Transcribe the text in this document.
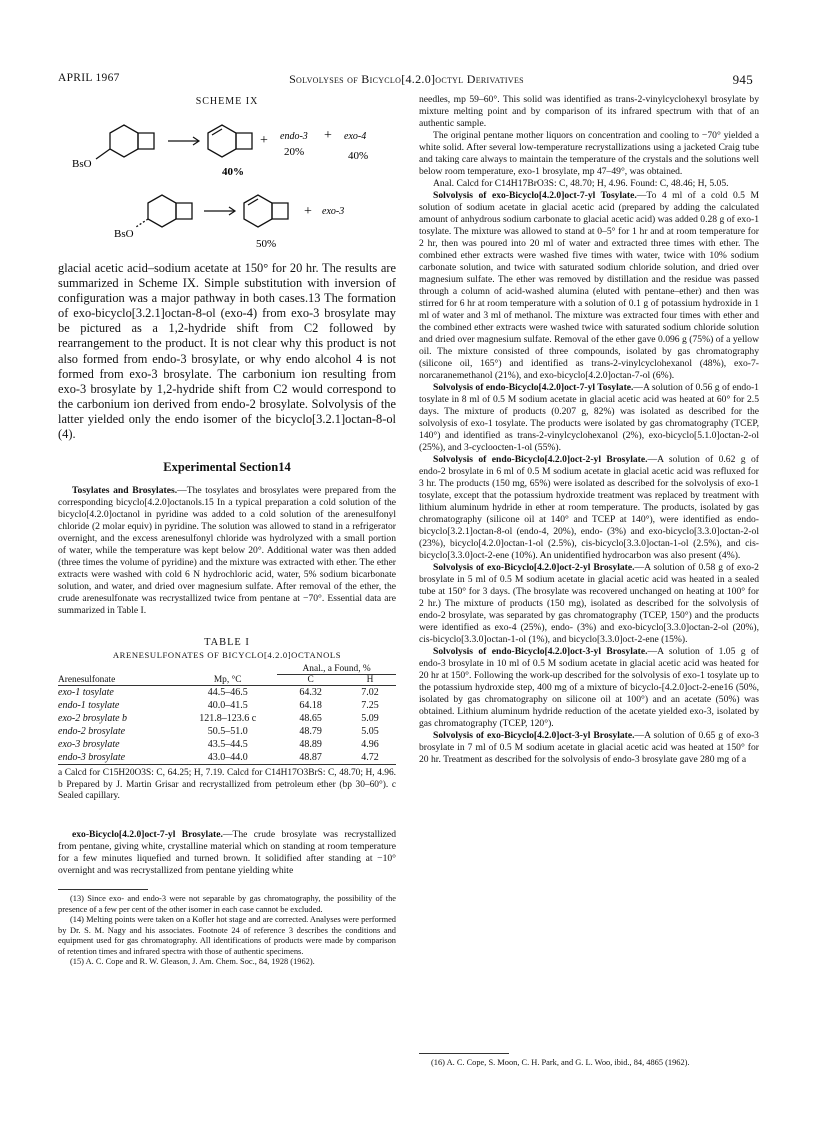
APRIL 1967	Solvolyses of Bicyclo[4.2.0]octyl Derivatives	945
SCHEME IX
BsO
40%
+ endo-3
20%
+ exo-4
40%
BsO
50%
+ exo-3

glacial acetic acid–sodium acetate at 150° for 20 hr. The results are summarized in Scheme IX. Simple substitution with inversion of configuration was a major pathway in both cases.13 The formation of exo-bicyclo[3.2.1]octan-8-ol (exo-4) from exo-3 brosylate may be pictured as a 1,2-hydride shift from C2 followed by rearrangement to the product. It is not clear why this product is not also formed from endo-3 brosylate, or why endo alcohol 4 is not formed from exo-3 brosylate. The carbonium ion resulting from exo-3 brosylate by 1,2-hydride shift from C2 would correspond to the carbonium ion derived from endo-2 brosylate. Solvolysis of the latter yielded only the endo isomer of the bicyclo[3.2.1]octan-8-ol (4).

Experimental Section14

Tosylates and Brosylates.—The tosylates and brosylates were prepared from the corresponding bicyclo[4.2.0]octanols.15 In a typical preparation a cold solution of the bicyclo[4.2.0]octanol in pyridine was added to a cold solution of the arenesulfonyl chloride (2 molar equiv) in pyridine. The solution was allowed to stand in a refrigerator overnight, and the excess arenesulfonyl chloride was hydrolyzed with a small portion of water, while the temperature was kept below 20°. Additional water was then added (three times the volume of pyridine) and the mixture was extracted with ether. The ether extracts were washed with cold 6 N hydrochloric acid, water, 5% sodium bicarbonate solution, and water, and dried over magnesium sulfate. After removal of the ether, the crude arenesulfonate was recrystallized twice from pentane at −70°. Essential data are summarized in Table I.

TABLE I
ARENESULFONATES OF BICYCLO[4.2.0]OCTANOLS
		Anal., a Found, %	
Arenesulfonate	Mp, °C	C	H
exo-1 tosylate	44.5–46.5	64.32	7.02
endo-1 tosylate	40.0–41.5	64.18	7.25
exo-2 brosylate b	121.8–123.6 c	48.65	5.09
endo-2 brosylate	50.5–51.0	48.79	5.05
exo-3 brosylate	43.5–44.5	48.89	4.96
endo-3 brosylate	43.0–44.0	48.87	4.72

a Calcd for C15H20O3S: C, 64.25; H, 7.19. Calcd for C14H17O3BrS: C, 48.70; H, 4.96. b Prepared by J. Martin Grisar and recrystallized from petroleum ether (bp 30–60°). c Sealed capillary.

exo-Bicyclo[4.2.0]oct-7-yl Brosylate.—The crude brosylate was recrystallized from pentane, giving white, crystalline material which on standing at room temperature for a few minutes liquefied and turned brown. It solidified after standing at −10° overnight and was recrystallized from pentane yielding white

(13) Since exo- and endo-3 were not separable by gas chromatography, the possibility of the presence of a few per cent of the other isomer in each case cannot be excluded.

(14) Melting points were taken on a Kofler hot stage and are corrected. Analyses were performed by Dr. S. M. Nagy and his associates. Footnote 24 of reference 3 describes the conditions and equipment used for gas chromatography. All identifications of products were made by comparison of retention times and infrared spectra with those of authentic specimens.

(15) A. C. Cope and R. W. Gleason, J. Am. Chem. Soc., 84, 1928 (1962).

needles, mp 59–60°. This solid was identified as trans-2-vinylcyclohexyl brosylate by mixture melting point and by comparison of its infrared spectrum with that of an authentic sample.

The original pentane mother liquors on concentration and cooling to −70° yielded a white solid. After several low-temperature recrystallizations using a jacketed Craig tube and taking care always to maintain the temperature of the crystals and the solutions well below room temperature, exo-1 brosylate, mp 47–49°, was obtained.

Anal. Calcd for C14H17BrO3S: C, 48.70; H, 4.96. Found: C, 48.46; H, 5.05.

Solvolysis of exo-Bicyclo[4.2.0]oct-7-yl Tosylate.—To 4 ml of a cold 0.5 M solution of sodium acetate in glacial acetic acid (prepared by adding the calculated amount of anhydrous sodium carbonate to glacial acetic acid) was added 0.28 g of exo-1 tosylate. The mixture was allowed to stand at 0–5° for 1 hr and at room temperature for 2 hr, then was poured into 20 ml of water and extracted three times with ether. The combined ether extracts were washed five times with water, twice with 10% sodium carbonate solution, and twice with saturated sodium chloride solution, and dried over magnesium sulfate. The ether was removed by distillation and the residue was passed through a column of acid-washed alumina (eluted with pentane–ether) and then was stirred for 6 hr at room temperature with a solution of 0.1 g of potassium hydroxide in 1 ml of water and 3 ml of methanol. The mixture was extracted four times with ether and the combined ether extracts were washed twice with saturated sodium chloride solution and dried over magnesium sulfate. Removal of the ether gave 0.096 g (75%) of a yellow oil. The mixture consisted of three compounds, isolated by gas chromatography (silicone oil, 165°) and identified as trans-2-vinylcyclohexanol (48%), exo-7-norcaranemethanol (21%), and exo-bicyclo[4.2.0]octan-7-ol (6%).

Solvolysis of endo-Bicyclo[4.2.0]oct-7-yl Tosylate.—A solution of 0.56 g of endo-1 tosylate in 8 ml of 0.5 M sodium acetate in glacial acetic acid was heated at 60° for 2.5 days. The mixture of products (0.207 g, 82%) was isolated as described for the solvolysis of exo-1 tosylate. The products were isolated by gas chromatography (TCEP, 140°) and identified as trans-2-vinylcyclohexanol (2%), exo-bicyclo[5.1.0]octan-2-ol (25%), and 3-cycloocten-1-ol (55%).

Solvolysis of endo-Bicyclo[4.2.0]oct-2-yl Brosylate.—A solution of 0.62 g of endo-2 brosylate in 6 ml of 0.5 M sodium acetate in glacial acetic acid was refluxed for 3 hr. The products (150 mg, 65%) were isolated as described for the solvolysis of exo-1 tosylate, except that the potassium hydroxide treatment was replaced by treatment with lithium aluminum hydride in ether at room temperature. The products, isolated by gas chromatography (silicone oil at 140° and TCEP at 140°), were identified as endo-bicyclo[3.2.1]octan-8-ol (endo-4, 20%), endo- (3%) and exo-bicyclo[3.3.0]octan-2-ol (23%), bicyclo[4.2.0]octan-1-ol (2.5%), cis-bicyclo[3.3.0]octan-1-ol (2.5%), and cis-bicyclo[3.3.0]oct-2-ene (10%). An unidentified hydrocarbon was also present (4%).

Solvolysis of exo-Bicyclo[4.2.0]oct-2-yl Brosylate.—A solution of 0.58 g of exo-2 brosylate in 5 ml of 0.5 M sodium acetate in glacial acetic acid was heated in a sealed tube at 150° for 3 days. (The brosylate was recovered unchanged on heating at 100° for 2 hr.) The mixture of products (150 mg), isolated as described for the solvolysis of endo-2 brosylate, was separated by gas chromatography (TCEP, 150°) and the products were identified as exo-4 (25%), endo- (3%) and exo-bicyclo[3.3.0]octan-2-ol (20%), cis-bicyclo[3.3.0]octan-1-ol (1%), and bicyclo[3.3.0]oct-2-ene (15%).

Solvolysis of endo-Bicyclo[4.2.0]oct-3-yl Brosylate.—A solution of 1.05 g of endo-3 brosylate in 10 ml of 0.5 M sodium acetate in glacial acetic acid was heated for 20 hr at 150°. Following the work-up described for the solvolysis of exo-1 tosylate up to the potassium hydroxide step, 400 mg of a mixture of bicyclo-[4.2.0]oct-2-ene16 (50%, isolated by gas chromatography on silicone oil at 100°) and an acetate (50%) was obtained. Lithium aluminum hydride reduction of the acetate yielded exo-3, isolated by gas chromatography (TCEP, 120°).

Solvolysis of exo-Bicyclo[4.2.0]oct-3-yl Brosylate.—A solution of 0.65 g of exo-3 brosylate in 7 ml of 0.5 M sodium acetate in glacial acetic acid was heated at 150° for 20 hr. Treatment as described for the solvolysis of endo-3 brosylate gave 280 mg of a

(16) A. C. Cope, S. Moon, C. H. Park, and G. L. Woo, ibid., 84, 4865 (1962).
